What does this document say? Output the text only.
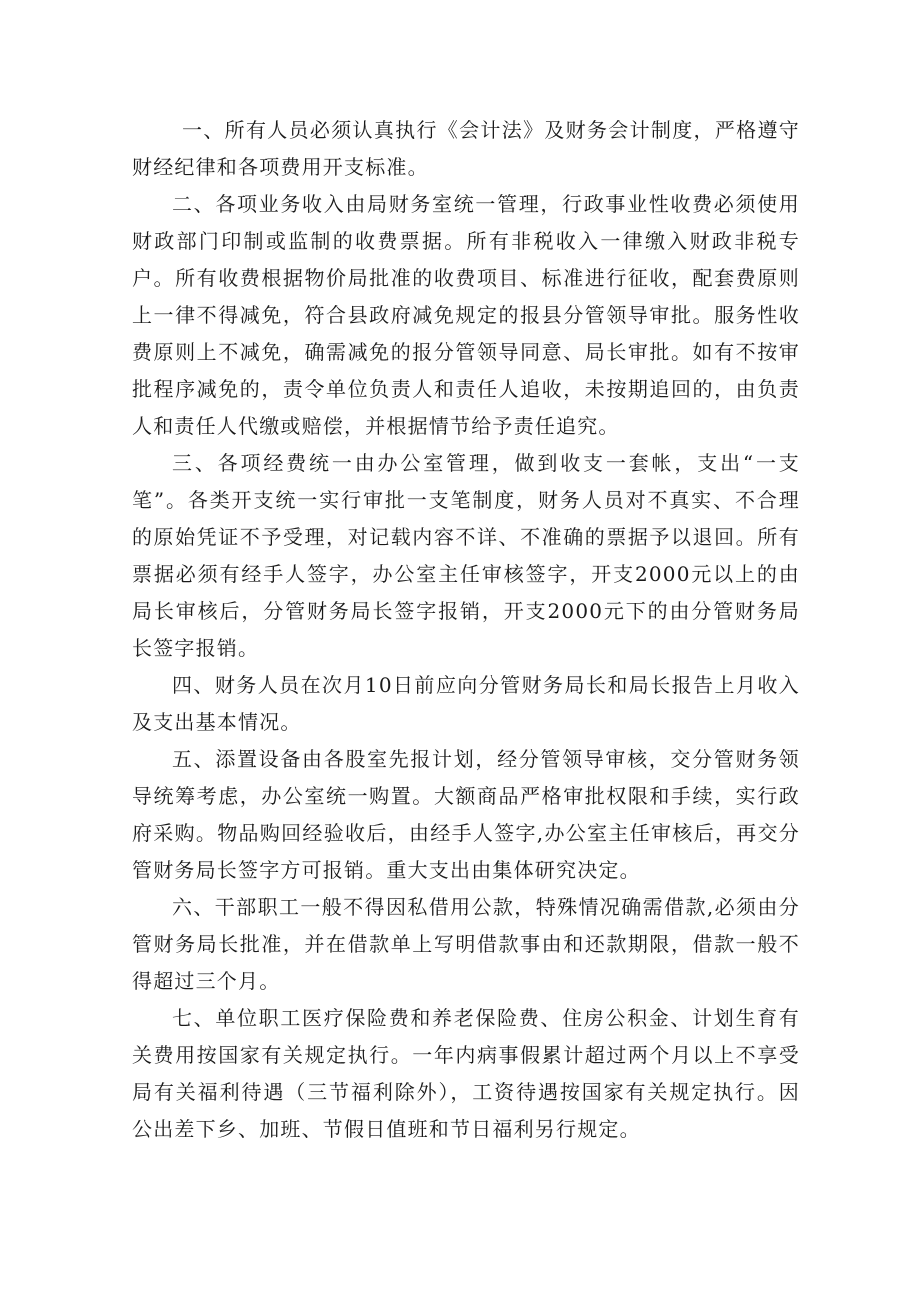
一、所有人员必须认真执行《会计法》及财务会计制度，严格遵守财经纪律和各项费用开支标准。

二、各项业务收入由局财务室统一管理，行政事业性收费必须使用财政部门印制或监制的收费票据。所有非税收入一律缴入财政非税专户。所有收费根据物价局批准的收费项目、标准进行征收，配套费原则上一律不得减免，符合县政府减免规定的报县分管领导审批。服务性收费原则上不减免，确需减免的报分管领导同意、局长审批。如有不按审批程序减免的，责令单位负责人和责任人追收，未按期追回的，由负责人和责任人代缴或赔偿，并根据情节给予责任追究。

三、各项经费统一由办公室管理，做到收支一套帐，支出“一支笔”。各类开支统一实行审批一支笔制度，财务人员对不真实、不合理的原始凭证不予受理，对记载内容不详、不准确的票据予以退回。所有票据必须有经手人签字，办公室主任审核签字，开支2000元以上的由局长审核后，分管财务局长签字报销，开支2000元下的由分管财务局长签字报销。

四、财务人员在次月10日前应向分管财务局长和局长报告上月收入及支出基本情况。

五、添置设备由各股室先报计划，经分管领导审核，交分管财务领导统筹考虑，办公室统一购置。大额商品严格审批权限和手续，实行政府采购。物品购回经验收后，由经手人签字,办公室主任审核后，再交分管财务局长签字方可报销。重大支出由集体研究决定。

六、干部职工一般不得因私借用公款，特殊情况确需借款,必须由分管财务局长批准，并在借款单上写明借款事由和还款期限，借款一般不得超过三个月。

七、单位职工医疗保险费和养老保险费、住房公积金、计划生育有关费用按国家有关规定执行。一年内病事假累计超过两个月以上不享受局有关福利待遇（三节福利除外），工资待遇按国家有关规定执行。因公出差下乡、加班、节假日值班和节日福利另行规定。
